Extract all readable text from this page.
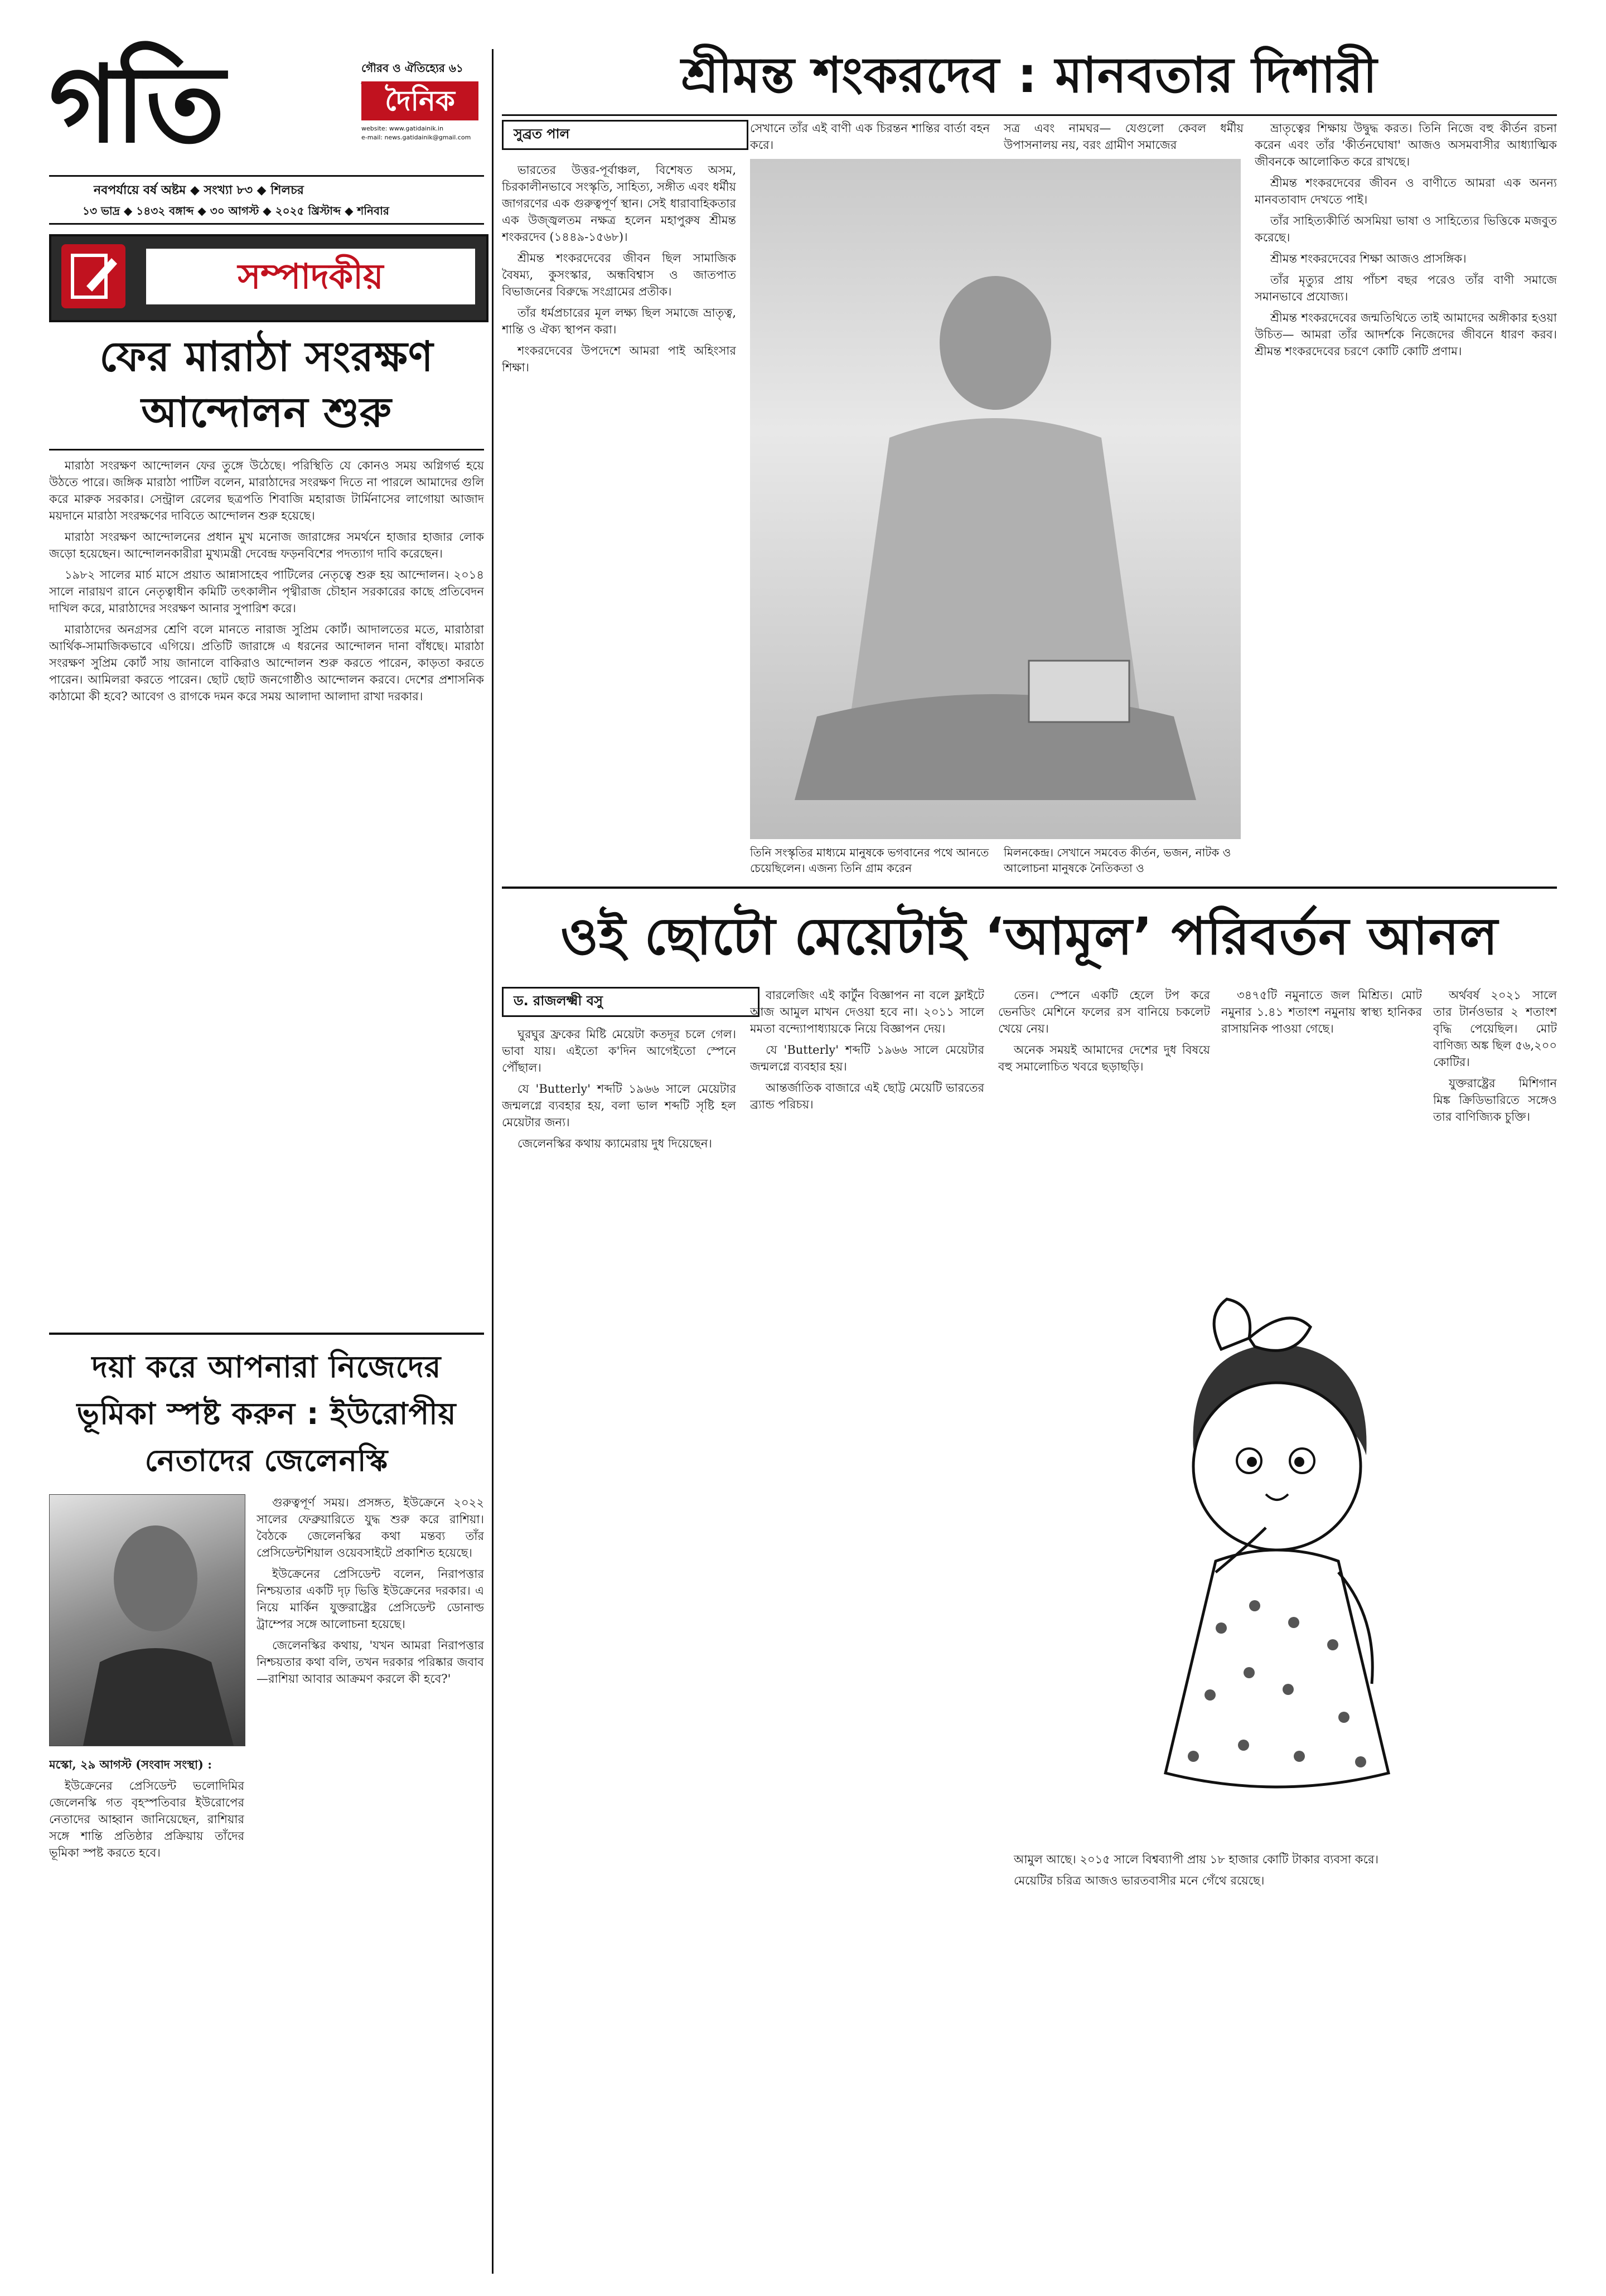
গতি	গৌরব ও ঐতিহ্যের ৬১
দৈনিক
website: www.gatidainik.in
e-mail: news.gatidainik@gmail.com
নবপর্যায়ে বর্ষ অষ্টম ◆ সংখ্যা ৮৩ ◆ শিলচর
১৩ ভাদ্র ◆ ১৪৩২ বঙ্গাব্দ ◆ ৩০ আগস্ট ◆ ২০২৫ খ্রিস্টাব্দ ◆ শনিবার
সম্পাদকীয়
ফের মারাঠা সংরক্ষণ আন্দোলন শুরু

মারাঠা সংরক্ষণ আন্দোলন ফের তুঙ্গে উঠেছে। পরিস্থিতি যে কোনও সময় অগ্নিগর্ভ হয়ে উঠতে পারে। জঙ্গিক মারাঠা পাটিল বলেন, মারাঠাদের সংরক্ষণ দিতে না পারলে আমাদের গুলি করে মারুক সরকার। সেন্ট্রাল রেলের ছত্রপতি শিবাজি মহারাজ টার্মিনাসের লাগোয়া আজাদ ময়দানে মারাঠা সংরক্ষণের দাবিতে আন্দোলন শুরু হয়েছে।

মারাঠা সংরক্ষণ আন্দোলনের প্রধান মুখ মনোজ জারাঙ্গের সমর্থনে হাজার হাজার লোক জড়ো হয়েছেন। আন্দোলনকারীরা মুখ্যমন্ত্রী দেবেন্দ্র ফড়নবিশের পদত্যাগ দাবি করেছেন।

১৯৮২ সালের মার্চ মাসে প্রয়াত আন্নাসাহেব পাটিলের নেতৃত্বে শুরু হয় আন্দোলন। ২০১৪ সালে নারায়ণ রানে নেতৃত্বাধীন কমিটি তৎকালীন পৃথ্বীরাজ চৌহান সরকারের কাছে প্রতিবেদন দাখিল করে, মারাঠাদের সংরক্ষণ আনার সুপারিশ করে।

মারাঠাদের অনগ্রসর শ্রেণি বলে মানতে নারাজ সুপ্রিম কোর্ট। আদালতের মতে, মারাঠারা আর্থিক-সামাজিকভাবে এগিয়ে। প্রতিটি জারাঙ্গে এ ধরনের আন্দোলন দানা বাঁধছে। মারাঠা সংরক্ষণ সুপ্রিম কোর্ট সায় জানালে বাকিরাও আন্দোলন শুরু করতে পারেন, কাড়তা করতে পারেন। আমিলরা করতে পারেন। ছোট ছোট জনগোষ্ঠীও আন্দোলন করবে। দেশের প্রশাসনিক কাঠামো কী হবে? আবেগ ও রাগকে দমন করে সময় আলাদা আলাদা রাখা দরকার।

দয়া করে আপনারা নিজেদের ভূমিকা স্পষ্ট করুন : ইউরোপীয় নেতাদের জেলেনস্কি

মস্কো, ২৯ আগস্ট (সংবাদ সংস্থা) :

ইউক্রেনের প্রেসিডেন্ট ভলোদিমির জেলেনস্কি গত বৃহস্পতিবার ইউরোপের নেতাদের আহ্বান জানিয়েছেন, রাশিয়ার সঙ্গে শান্তি প্রতিষ্ঠার প্রক্রিয়ায় তাঁদের ভূমিকা স্পষ্ট করতে হবে।

গুরুত্বপূর্ণ সময়। প্রসঙ্গত, ইউক্রেনে ২০২২ সালের ফেব্রুয়ারিতে যুদ্ধ শুরু করে রাশিয়া। বৈঠকে জেলেনস্কির কথা মন্তব্য তাঁর প্রেসিডেন্টশিয়াল ওয়েবসাইটে প্রকাশিত হয়েছে।

ইউক্রেনের প্রেসিডেন্ট বলেন, নিরাপত্তার নিশ্চয়তার একটি দৃঢ় ভিত্তি ইউক্রেনের দরকার। এ নিয়ে মার্কিন যুক্তরাষ্ট্রের প্রেসিডেন্ট ডোনাল্ড ট্রাম্পের সঙ্গে আলোচনা হয়েছে।

জেলেনস্কির কথায়, 'যখন আমরা নিরাপত্তার নিশ্চয়তার কথা বলি, তখন দরকার পরিষ্কার জবাব—রাশিয়া আবার আক্রমণ করলে কী হবে?'

শ্রীমন্ত শংকরদেব : মানবতার দিশারী
সুব্রত পাল

ভারতের উত্তর-পূর্বাঞ্চল, বিশেষত অসম, চিরকালীনভাবে সংস্কৃতি, সাহিত্য, সঙ্গীত এবং ধর্মীয় জাগরণের এক গুরুত্বপূর্ণ স্থান। সেই ধারাবাহিকতার এক উজ্জ্বলতম নক্ষত্র হলেন মহাপুরুষ শ্রীমন্ত শংকরদেব (১৪৪৯-১৫৬৮)।

শ্রীমন্ত শংকরদেবের জীবন ছিল সামাজিক বৈষম্য, কুসংস্কার, অন্ধবিশ্বাস ও জাতপাত বিভাজনের বিরুদ্ধে সংগ্রামের প্রতীক।

তাঁর ধর্মপ্রচারের মূল লক্ষ্য ছিল সমাজে ভ্রাতৃত্ব, শান্তি ও ঐক্য স্থাপন করা।

শংকরদেবের উপদেশে আমরা পাই অহিংসার শিক্ষা।

সেখানে তাঁর এই বাণী এক চিরন্তন শান্তির বার্তা বহন করে।
সত্র এবং নামঘর— যেগুলো কেবল ধর্মীয় উপাসনালয় নয়, বরং গ্রামীণ সমাজের
তিনি সংস্কৃতির মাধ্যমে মানুষকে ভগবানের পথে আনতে চেয়েছিলেন। এজন্য তিনি গ্রাম করেন
মিলনকেন্দ্র। সেখানে সমবেত কীর্তন, ভজন, নাটক ও আলোচনা মানুষকে নৈতিকতা ও

ভ্রাতৃত্বের শিক্ষায় উদ্বুদ্ধ করত। তিনি নিজে বহু কীর্তন রচনা করেন এবং তাঁর 'কীর্তনঘোষা' আজও অসমবাসীর আধ্যাত্মিক জীবনকে আলোকিত করে রাখছে।

শ্রীমন্ত শংকরদেবের জীবন ও বাণীতে আমরা এক অনন্য মানবতাবাদ দেখতে পাই।

তাঁর সাহিত্যকীর্তি অসমিয়া ভাষা ও সাহিত্যের ভিত্তিকে মজবুত করেছে।

শ্রীমন্ত শংকরদেবের শিক্ষা আজও প্রাসঙ্গিক।

তাঁর মৃত্যুর প্রায় পাঁচশ বছর পরেও তাঁর বাণী সমাজে সমানভাবে প্রযোজ্য।

শ্রীমন্ত শংকরদেবের জন্মতিথিতে তাই আমাদের অঙ্গীকার হওয়া উচিত— আমরা তাঁর আদর্শকে নিজেদের জীবনে ধারণ করব। শ্রীমন্ত শংকরদেবের চরণে কোটি কোটি প্রণাম।

ওই ছোটো মেয়েটাই ‘আমূল’ পরিবর্তন আনল
ড. রাজলক্ষ্মী বসু

ঘুরঘুর ফ্রকের মিষ্টি মেয়েটা কতদূর চলে গেল। ভাবা যায়। এইতো ক'দিন আগেইতো স্পেনে পৌঁছাল।

যে 'Butterly' শব্দটি ১৯৬৬ সালে মেয়েটার জন্মলগ্নে ব্যবহার হয়, বলা ভাল শব্দটি সৃষ্টি হল মেয়েটার জন্য।

জেলেনস্কির কথায় ক্যামেরায় দুধ দিয়েছেন।

বারলেজিং এই কার্টুন বিজ্ঞাপন না বলে ফ্লাইটে আজ আমুল মাখন দেওয়া হবে না। ২০১১ সালে মমতা বন্দ্যোপাধ্যায়কে নিয়ে বিজ্ঞাপন দেয়।

যে 'Butterly' শব্দটি ১৯৬৬ সালে মেয়েটার জন্মলগ্নে ব্যবহার হয়।

আন্তর্জাতিক বাজারে এই ছোট্ট মেয়েটি ভারতের ব্র্যান্ড পরিচয়।

তেন। স্পেনে একটি হেলে টপ করে ভেনডিং মেশিনে ফলের রস বানিয়ে চকলেট খেয়ে নেয়।

অনেক সময়ই আমাদের দেশের দুধ বিষয়ে বহু সমালোচিত খবরে ছড়াছড়ি।

৩৪৭৫টি নমুনাতে জল মিশ্রিত। মোট নমুনার ১.৪১ শতাংশ নমুনায় স্বাস্থ্য হানিকর রাসায়নিক পাওয়া গেছে।

অর্থবর্ষ ২০২১ সালে তার টার্নওভার ২ শতাংশ বৃদ্ধি পেয়েছিল। মোট বাণিজ্য অঙ্ক ছিল ৫৬,২০০ কোটির।

যুক্তরাষ্ট্রের মিশিগান মিঙ্ক ক্রিডিভারিতে সঙ্গেও তার বাণিজ্যিক চুক্তি।

আমুল আছে। ২০১৫ সালে বিশ্বব্যাপী প্রায় ১৮ হাজার কোটি টাকার ব্যবসা করে।

মেয়েটির চরিত্র আজও ভারতবাসীর মনে গেঁথে রয়েছে।
